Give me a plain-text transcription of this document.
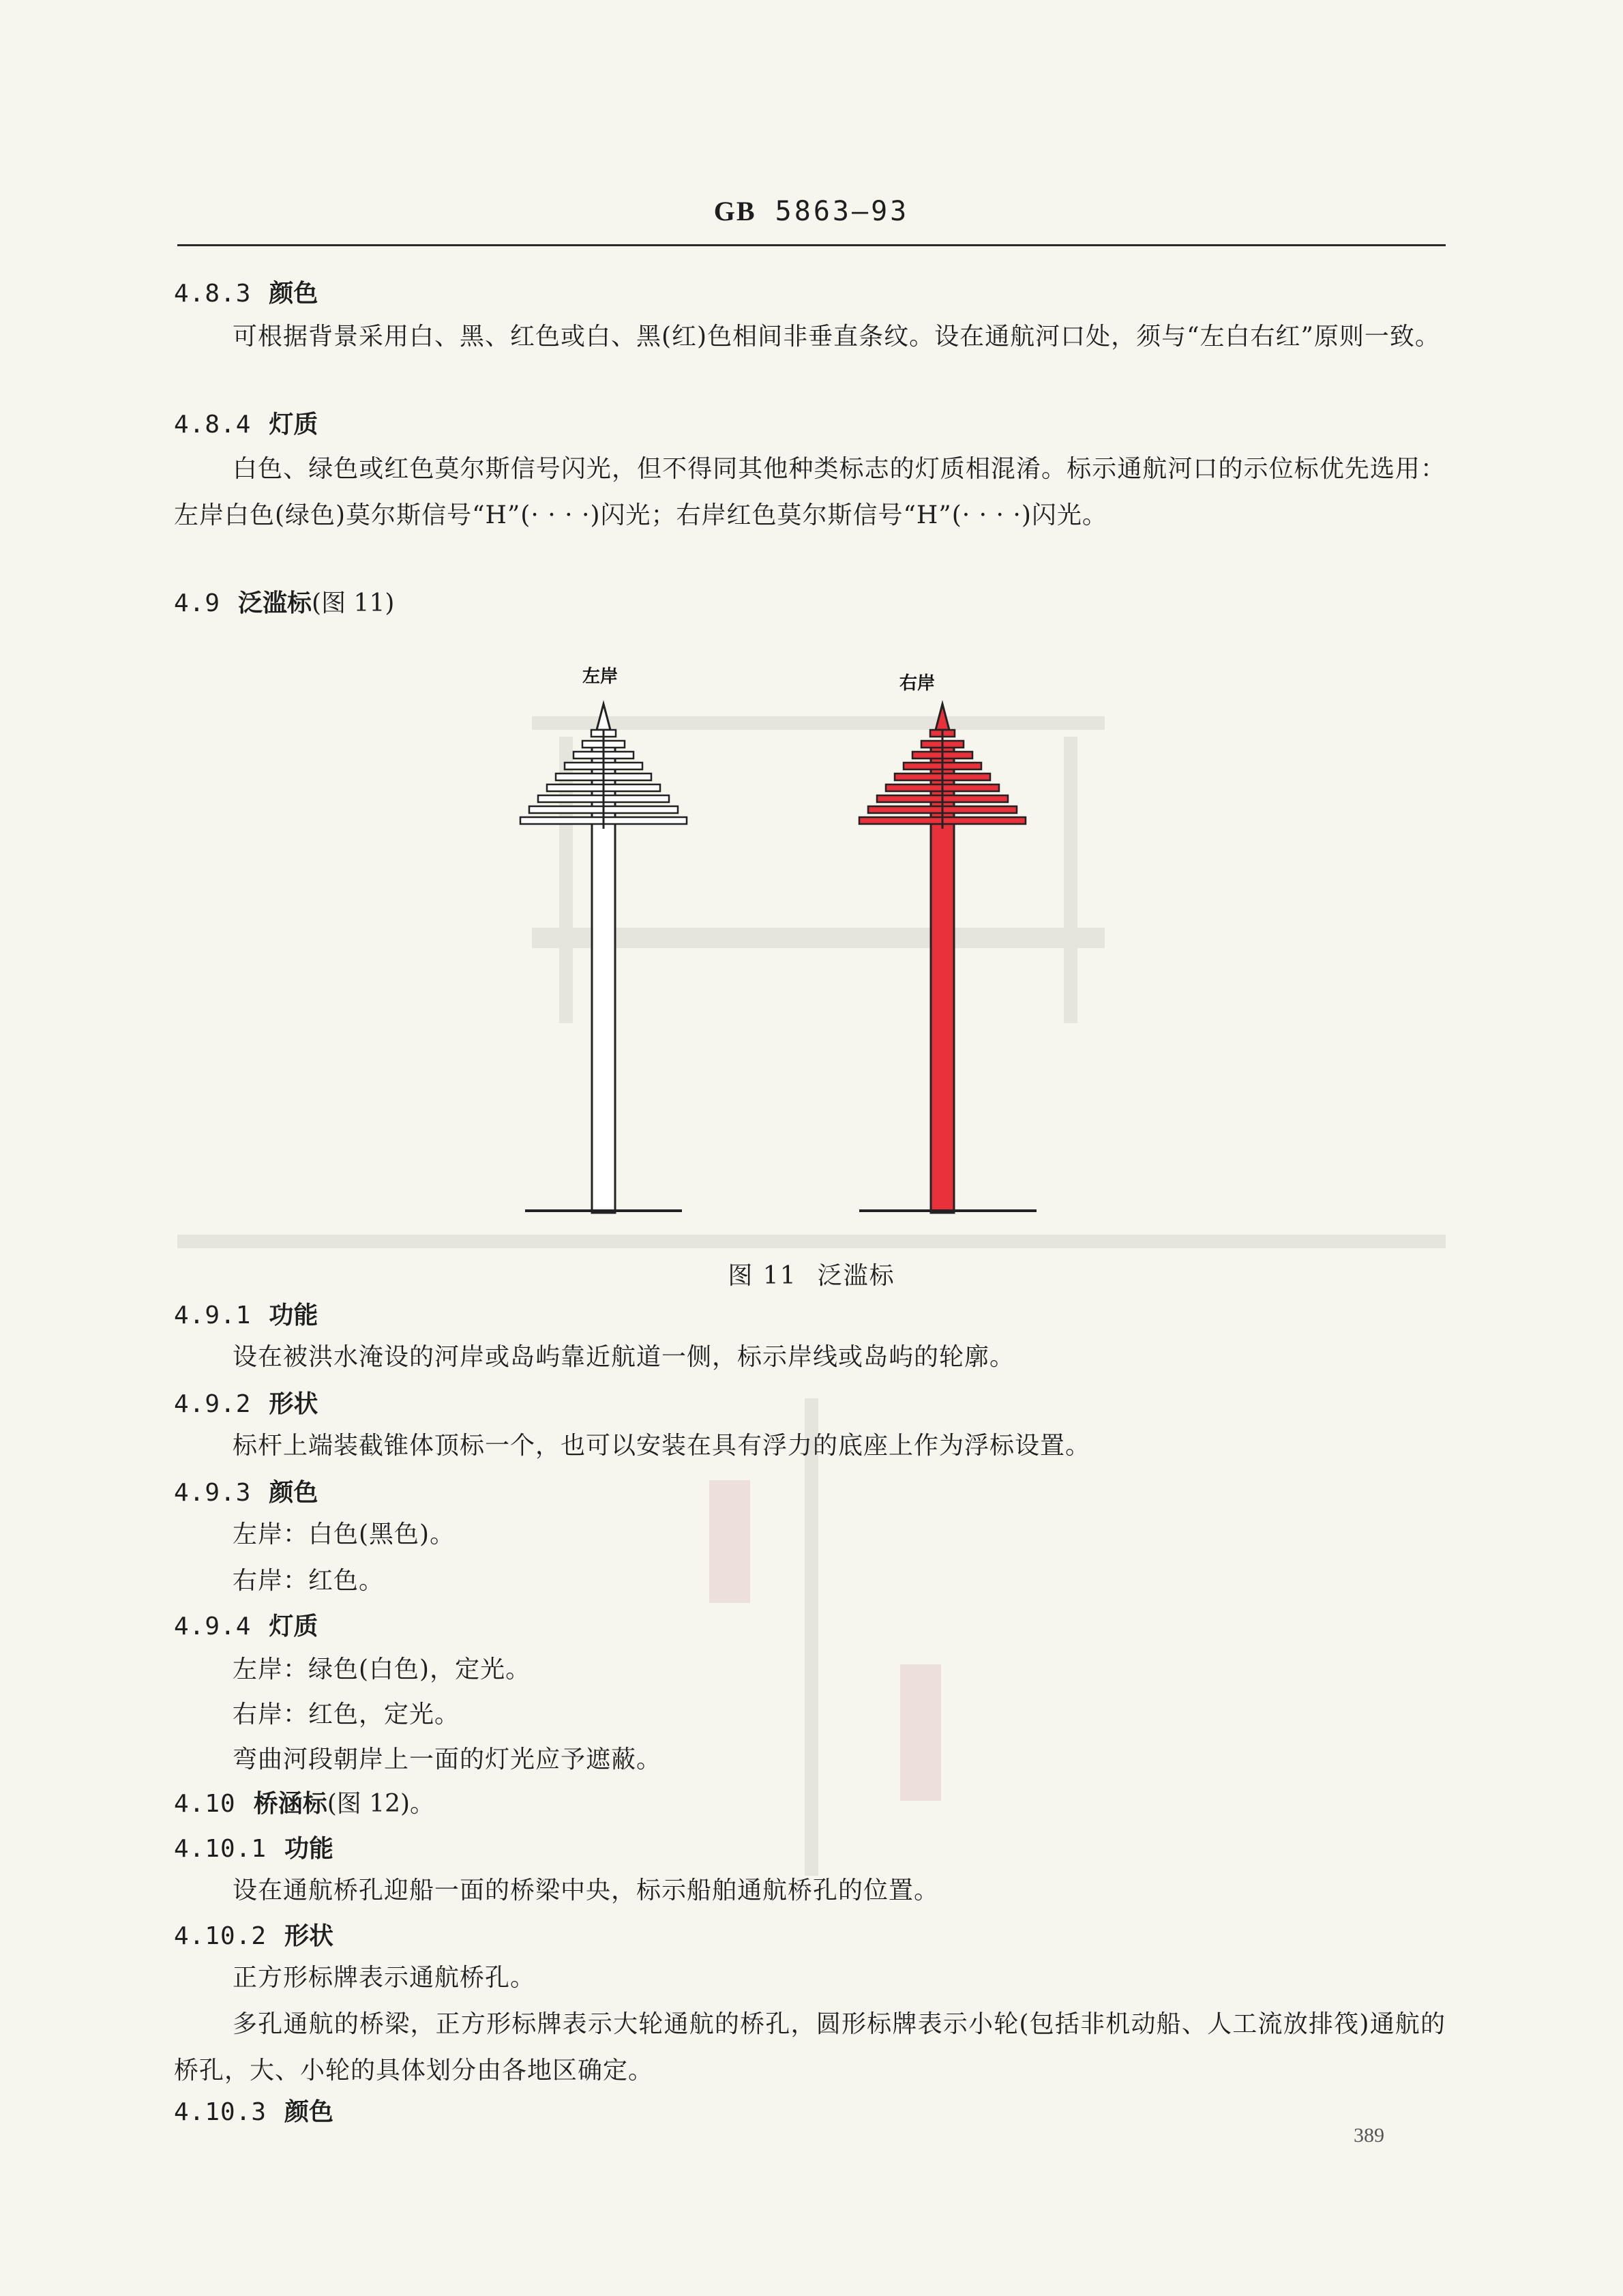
GB 5863—93
4.8.3 颜色
可根据背景采用白、黑、红色或白、黑(红)色相间非垂直条纹。设在通航河口处，须与“左白右红”原则一致。
4.8.4 灯质
白色、绿色或红色莫尔斯信号闪光，但不得同其他种类标志的灯质相混淆。标示通航河口的示位标优先选用：左岸白色(绿色)莫尔斯信号“H”(· · · ·)闪光；右岸红色莫尔斯信号“H”(· · · ·)闪光。
4.9 泛滥标(图 11)
左岸	右岸
图 11 泛滥标
4.9.1 功能
设在被洪水淹设的河岸或岛屿靠近航道一侧，标示岸线或岛屿的轮廓。
4.9.2 形状
标杆上端装截锥体顶标一个，也可以安装在具有浮力的底座上作为浮标设置。
4.9.3 颜色
左岸：白色(黑色)。
右岸：红色。
4.9.4 灯质
左岸：绿色(白色)，定光。
右岸：红色，定光。
弯曲河段朝岸上一面的灯光应予遮蔽。
4.10 桥涵标(图 12)。
4.10.1 功能
设在通航桥孔迎船一面的桥梁中央，标示船舶通航桥孔的位置。
4.10.2 形状
正方形标牌表示通航桥孔。
多孔通航的桥梁，正方形标牌表示大轮通航的桥孔，圆形标牌表示小轮(包括非机动船、人工流放排筏)通航的桥孔，大、小轮的具体划分由各地区确定。
4.10.3 颜色
389
